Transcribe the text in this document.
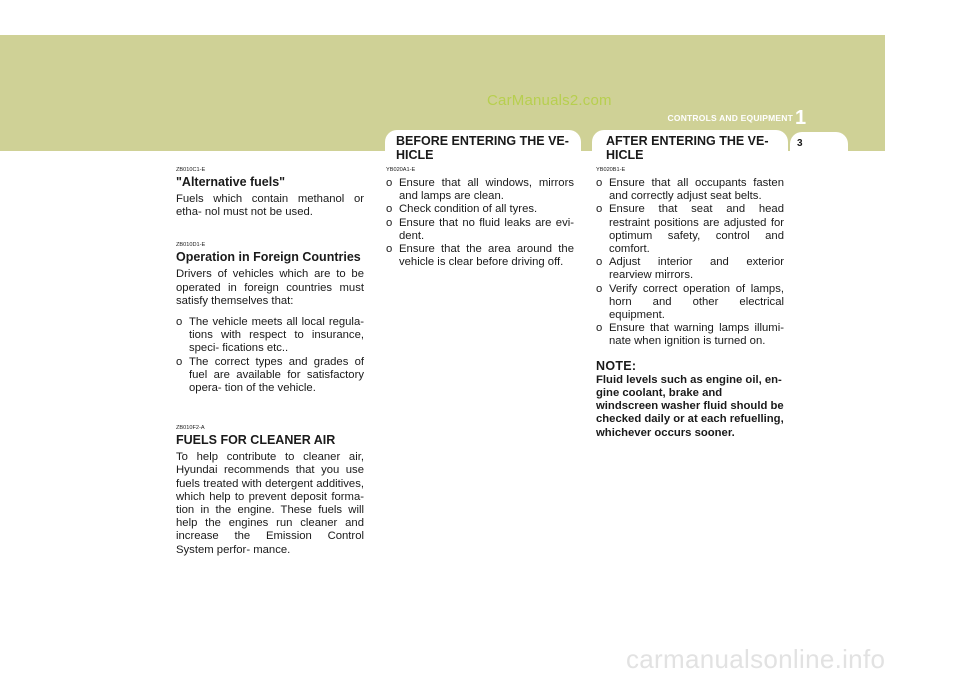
CarManuals2.com
CONTROLS AND EQUIPMENT 1
BEFORE ENTERING THE VE- HICLE
AFTER ENTERING THE VE- HICLE
3
ZB010C1-E
"Alternative fuels"

Fuels which contain methanol or etha- nol must not be used.

ZB010D1-E
Operation in Foreign Countries

Drivers of vehicles which are to be operated in foreign countries must satisfy themselves that:

o The vehicle meets all local regula- tions with respect to insurance, speci- fications etc..
o The correct types and grades of fuel are available for satisfactory opera- tion of the vehicle.
ZB010F2-A
FUELS FOR CLEANER AIR

To help contribute to cleaner air, Hyundai recommends that you use fuels treated with detergent additives, which help to prevent deposit forma- tion in the engine. These fuels will help the engines run cleaner and increase the Emission Control System perfor- mance.

YB020A1-E
o Ensure that all windows, mirrors and lamps are clean.
o Check condition of all tyres.
o Ensure that no fluid leaks are evi- dent.
o Ensure that the area around the vehicle is clear before driving off.
YB020B1-E
o Ensure that all occupants fasten and correctly adjust seat belts.
o Ensure that seat and head restraint positions are adjusted for optimum safety, control and comfort.
o Adjust interior and exterior rearview mirrors.
o Verify correct operation of lamps, horn and other electrical equipment.
o Ensure that warning lamps illumi- nate when ignition is turned on.
NOTE:

Fluid levels such as engine oil, en- gine coolant, brake and windscreen washer fluid should be checked daily or at each refuelling, whichever occurs sooner.

carmanualsonline.info
